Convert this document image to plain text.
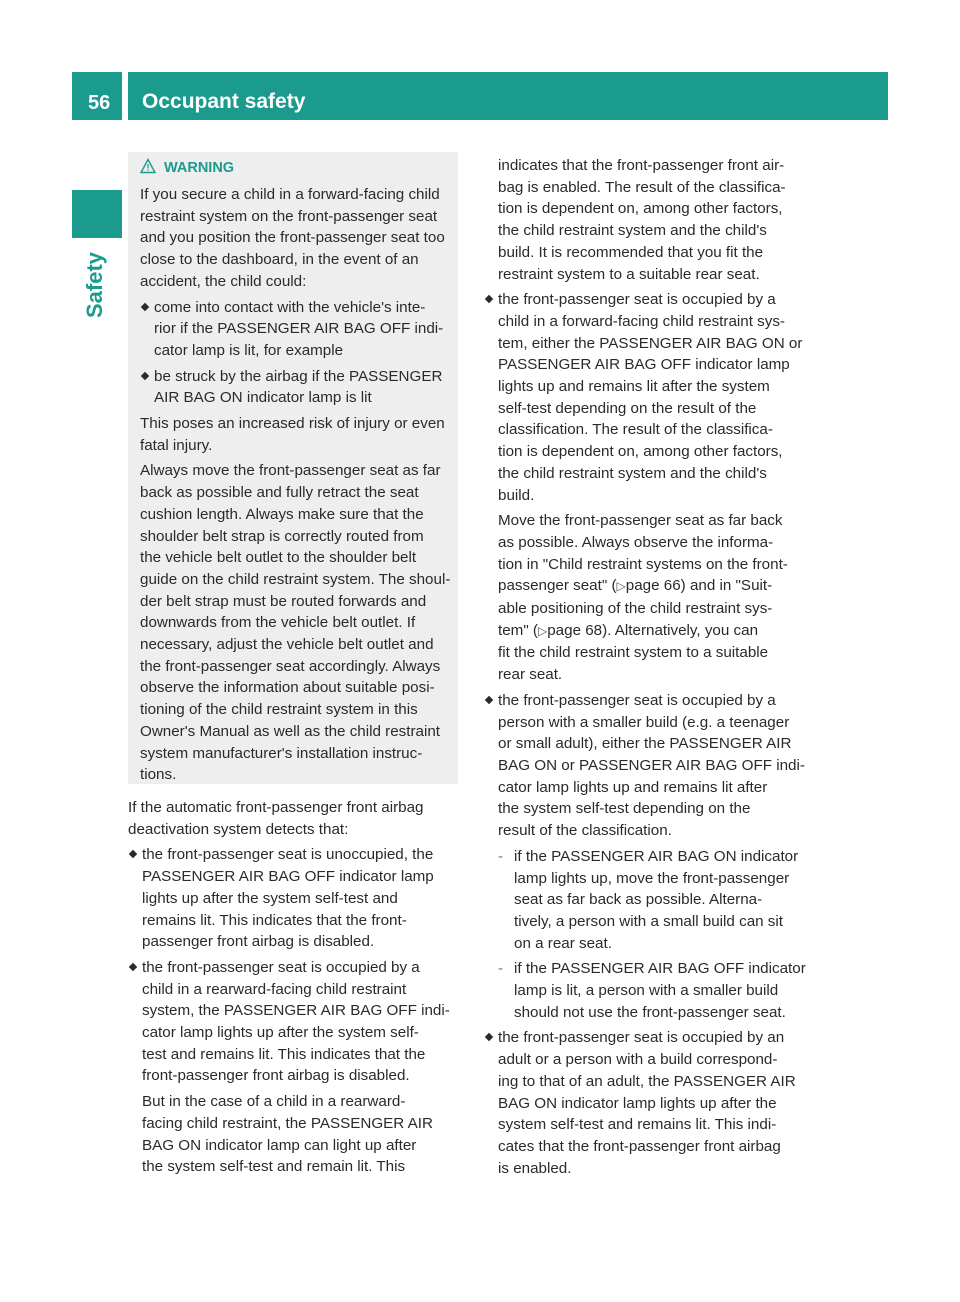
56 Occupant safety
Safety
WARNING

If you secure a child in a forward-facing child
restraint system on the front-passenger seat
and you position the front-passenger seat too
close to the dashboard, in the event of an
accident, the child could:

come into contact with the vehicle's inte-
rior if the PASSENGER AIR BAG OFF indi-
cator lamp is lit, for example

be struck by the airbag if the PASSENGER
AIR BAG ON indicator lamp is lit

This poses an increased risk of injury or even
fatal injury.

Always move the front-passenger seat as far
back as possible and fully retract the seat
cushion length. Always make sure that the
shoulder belt strap is correctly routed from
the vehicle belt outlet to the shoulder belt
guide on the child restraint system. The shoul-
der belt strap must be routed forwards and
downwards from the vehicle belt outlet. If
necessary, adjust the vehicle belt outlet and
the front-passenger seat accordingly. Always
observe the information about suitable posi-
tioning of the child restraint system in this
Owner's Manual as well as the child restraint
system manufacturer's installation instruc-
tions.

If the automatic front-passenger front airbag
deactivation system detects that:

the front-passenger seat is unoccupied, the
PASSENGER AIR BAG OFF indicator lamp
lights up after the system self-test and
remains lit. This indicates that the front-
passenger front airbag is disabled.

the front-passenger seat is occupied by a
child in a rearward-facing child restraint
system, the PASSENGER AIR BAG OFF indi-
cator lamp lights up after the system self-
test and remains lit. This indicates that the
front-passenger front airbag is disabled.

But in the case of a child in a rearward-
facing child restraint, the PASSENGER AIR
BAG ON indicator lamp can light up after
the system self-test and remain lit. This

indicates that the front-passenger front air-
bag is enabled. The result of the classifica-
tion is dependent on, among other factors,
the child restraint system and the child's
build. It is recommended that you fit the
restraint system to a suitable rear seat.

the front-passenger seat is occupied by a
child in a forward-facing child restraint sys-
tem, either the PASSENGER AIR BAG ON or
PASSENGER AIR BAG OFF indicator lamp
lights up and remains lit after the system
self-test depending on the result of the
classification. The result of the classifica-
tion is dependent on, among other factors,
the child restraint system and the child's
build.

Move the front-passenger seat as far back
as possible. Always observe the informa-
tion in "Child restraint systems on the front-
passenger seat" (▷page 66) and in "Suit-
able positioning of the child restraint sys-
tem" (▷page 68). Alternatively, you can
fit the child restraint system to a suitable
rear seat.

the front-passenger seat is occupied by a
person with a smaller build (e.g. a teenager
or small adult), either the PASSENGER AIR
BAG ON or PASSENGER AIR BAG OFF indi-
cator lamp lights up and remains lit after
the system self-test depending on the
result of the classification.

- if the PASSENGER AIR BAG ON indicator
lamp lights up, move the front-passenger
seat as far back as possible. Alterna-
tively, a person with a small build can sit
on a rear seat.

- if the PASSENGER AIR BAG OFF indicator
lamp is lit, a person with a smaller build
should not use the front-passenger seat.

the front-passenger seat is occupied by an
adult or a person with a build correspond-
ing to that of an adult, the PASSENGER AIR
BAG ON indicator lamp lights up after the
system self-test and remains lit. This indi-
cates that the front-passenger front airbag
is enabled.
